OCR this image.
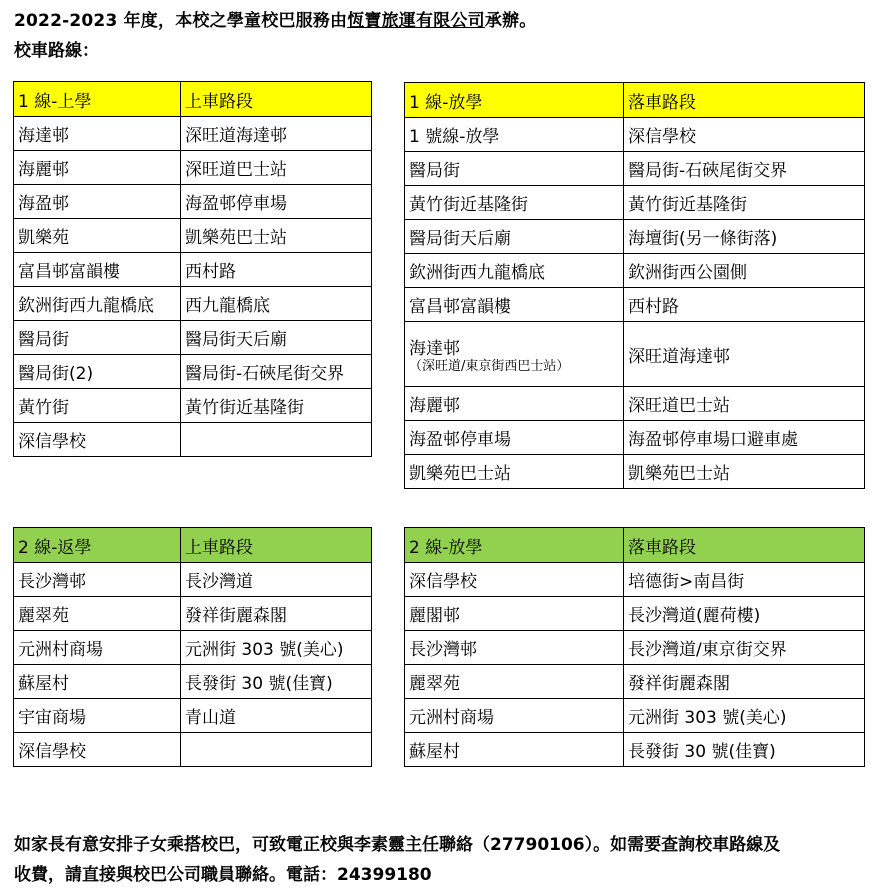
2022-2023 年度，本校之學童校巴服務由恆寶旅運有限公司承辦。
校車路線：
1 線-上學	上車路段
海達邨	深旺道海達邨
海麗邨	深旺道巴士站
海盈邨	海盈邨停車場
凱樂苑	凱樂苑巴士站
富昌邨富韻樓	西村路
欽洲街西九龍橋底	西九龍橋底
醫局街	醫局街天后廟
醫局街(2)	醫局街-石硤尾街交界
黃竹街	黃竹街近基隆街
深信學校	
1 線-放學	落車路段
1 號線-放學	深信學校
醫局街	醫局街-石硤尾街交界
黃竹街近基隆街	黃竹街近基隆街
醫局街天后廟	海壇街(另一條街落)
欽洲街西九龍橋底	欽洲街西公園側
富昌邨富韻樓	西村路

海達邨
（深旺道/東京街西巴士站）	深旺道海達邨
海麗邨	深旺道巴士站
海盈邨停車場	海盈邨停車場口避車處
凱樂苑巴士站	凱樂苑巴士站
2 線-返學	上車路段
長沙灣邨	長沙灣道
麗翠苑	發祥街麗森閣
元洲村商場	元洲街 303 號(美心)
蘇屋村	長發街 30 號(佳寶)
宇宙商場	青山道
深信學校	
2 線-放學	落車路段
深信學校	培德街>南昌街
麗閣邨	長沙灣道(麗荷樓)
長沙灣邨	長沙灣道/東京街交界
麗翠苑	發祥街麗森閣
元洲村商場	元洲街 303 號(美心)
蘇屋村	長發街 30 號(佳寶)
如家長有意安排子女乘搭校巴，可致電正校與李素靈主任聯絡（27790106）。如需要查詢校車路線及
收費，請直接與校巴公司職員聯絡。電話：24399180
